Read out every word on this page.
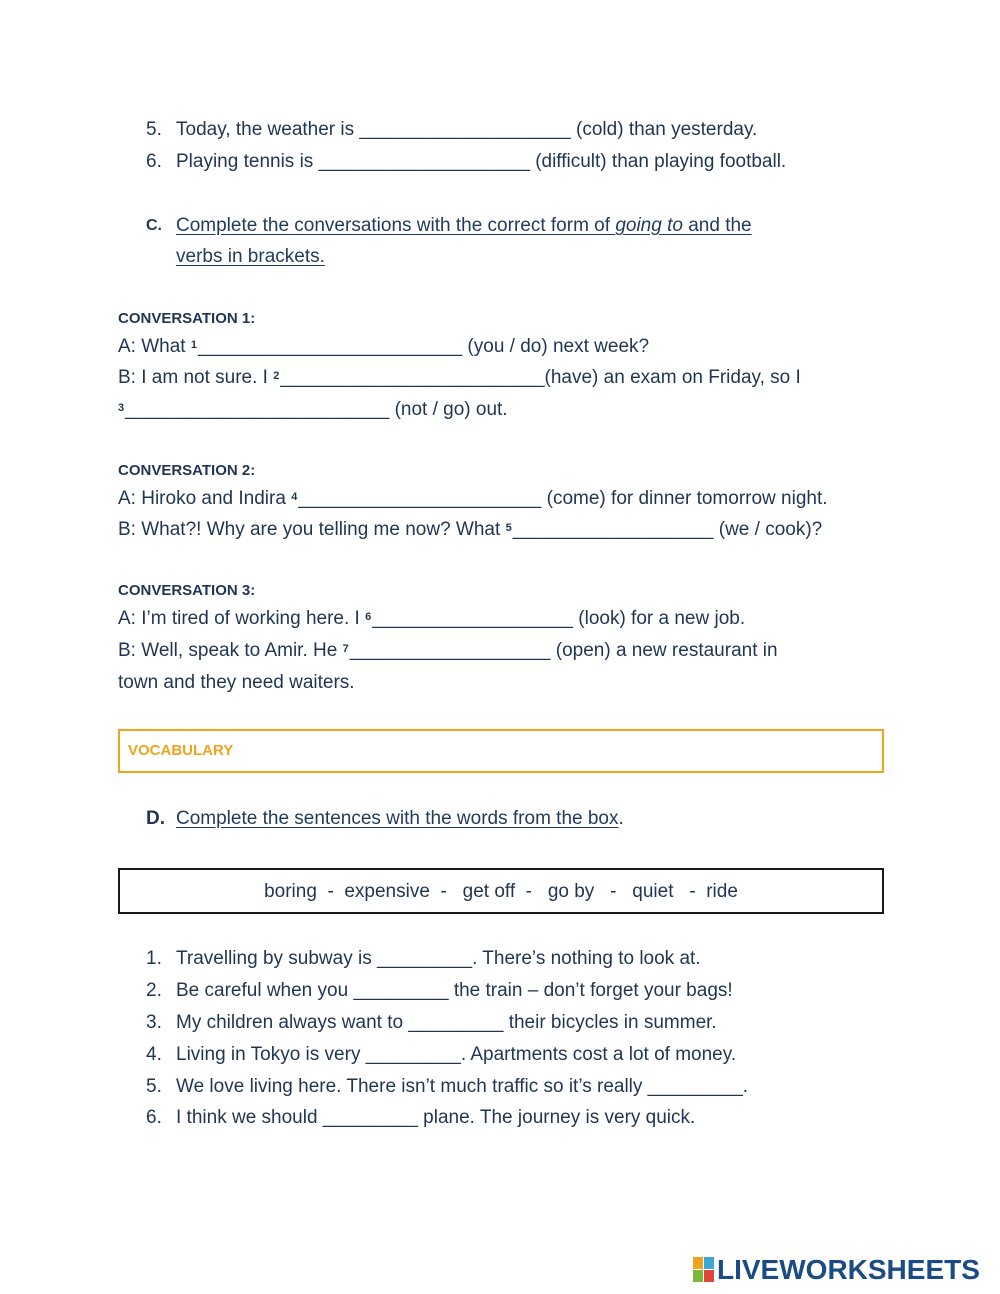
5. Today, the weather is ____________________ (cold) than yesterday.
6. Playing tennis is ____________________ (difficult) than playing football.
C. Complete the conversations with the correct form of going to and the
verbs in brackets.
CONVERSATION 1:
A: What $^1$_________________________ (you / do) next week?
B: I am not sure. I $^2$_________________________(have) an exam on Friday, so I
$^3$_________________________ (not / go) out.
CONVERSATION 2:
A: Hiroko and Indira $^4$_______________________ (come) for dinner tomorrow night.
B: What?! Why are you telling me now? What $^5$___________________ (we / cook)?
CONVERSATION 3:
A: I’m tired of working here. I $^6$___________________ (look) for a new job.
B: Well, speak to Amir. He $^7$___________________ (open) a new restaurant in
town and they need waiters.
VOCABULARY
D. Complete the sentences with the words from the box.
boring  -  expensive  -   get off  -   go by   -   quiet   -  ride
1. Travelling by subway is _________. There’s nothing to look at.
2. Be careful when you _________ the train – don’t forget your bags!
3. My children always want to _________ their bicycles in summer.
4. Living in Tokyo is very _________. Apartments cost a lot of money.
5. We love living here. There isn’t much traffic so it’s really _________.
6. I think we should _________ plane. The journey is very quick.
LIVEWORKSHEETS
